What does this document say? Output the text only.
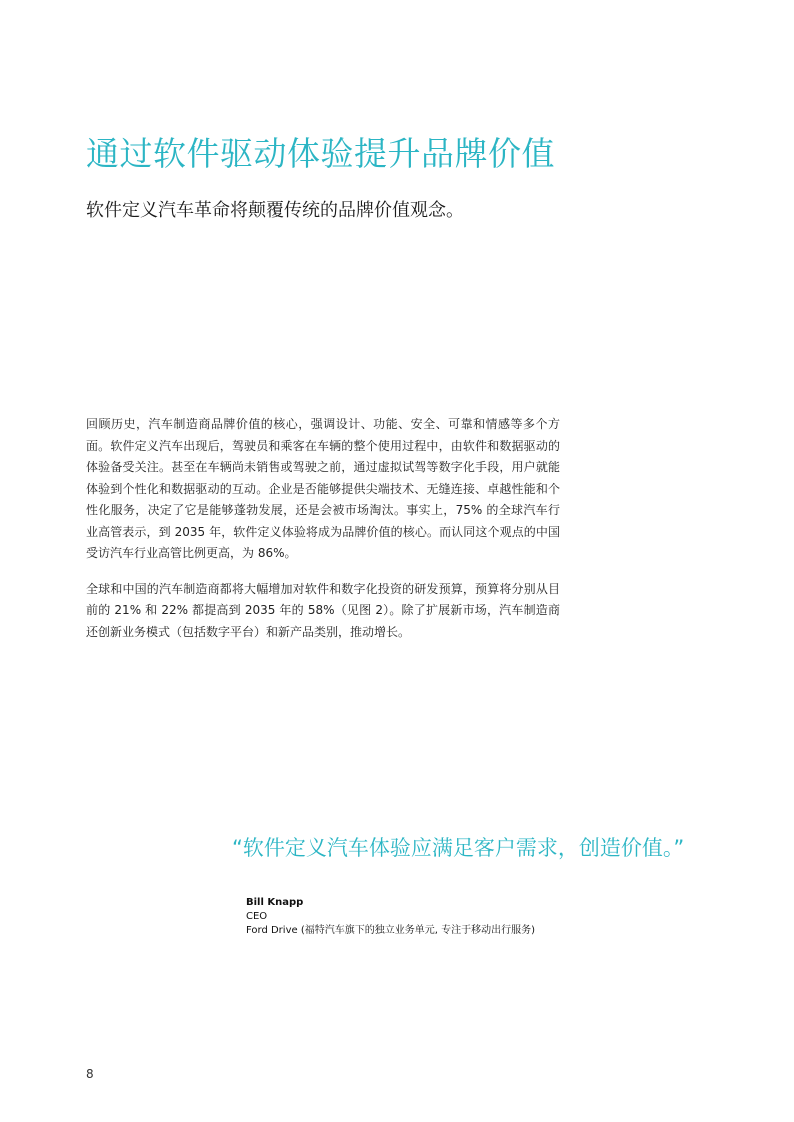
通过软件驱动体验提升品牌价值
软件定义汽车革命将颠覆传统的品牌价值观念。

回顾历史，汽车制造商品牌价值的核心，强调设计、功能、安全、可靠和情感等多个方面。软件定义汽车出现后，驾驶员和乘客在车辆的整个使用过程中，由软件和数据驱动的体验备受关注。甚至在车辆尚未销售或驾驶之前，通过虚拟试驾等数字化手段，用户就能体验到个性化和数据驱动的互动。企业是否能够提供尖端技术、无缝连接、卓越性能和个性化服务，决定了它是能够蓬勃发展，还是会被市场淘汰。事实上，75% 的全球汽车行业高管表示，到 2035 年，软件定义体验将成为品牌价值的核心。而认同这个观点的中国受访汽车行业高管比例更高，为 86%。

全球和中国的汽车制造商都将大幅增加对软件和数字化投资的研发预算，预算将分别从目前的 21% 和 22% 都提高到 2035 年的 58%（见图 2）。除了扩展新市场，汽车制造商还创新业务模式（包括数字平台）和新产品类别，推动增长。

“软件定义汽车体验应满足客户需求，创造价值。”

Bill Knapp
CEO
Ford Drive (福特汽车旗下的独立业务单元, 专注于移动出行服务)
8
